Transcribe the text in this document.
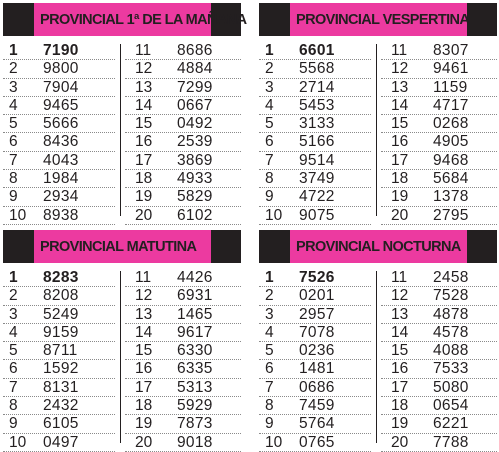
PROVINCIAL 1ª DE LA MAÑANA
1 7190
2 9800
3 7904
4 9465
5 5666
6 8436
7 4043
8 1984
9 2934
10 8938
11 8686
12 4884
13 7299
14 0667
15 0492
16 2539
17 3869
18 4933
19 5829
20 6102
PROVINCIAL VESPERTINA
1 6601
2 5568
3 2714
4 5453
5 3133
6 5166
7 9514
8 3749
9 4722
10 9075
11 8307
12 9461
13 1159
14 4717
15 0268
16 4905
17 9468
18 5684
19 1378
20 2795
PROVINCIAL MATUTINA
1 8283
2 8208
3 5249
4 9159
5 8711
6 1592
7 8131
8 2432
9 6105
10 0497
11 4426
12 6931
13 1465
14 9617
15 6330
16 6335
17 5313
18 5929
19 7873
20 9018
PROVINCIAL NOCTURNA
1 7526
2 0201
3 2957
4 7078
5 0236
6 1481
7 0686
8 7459
9 5764
10 0765
11 2458
12 7528
13 4878
14 4578
15 4088
16 7533
17 5080
18 0654
19 6221
20 7788
